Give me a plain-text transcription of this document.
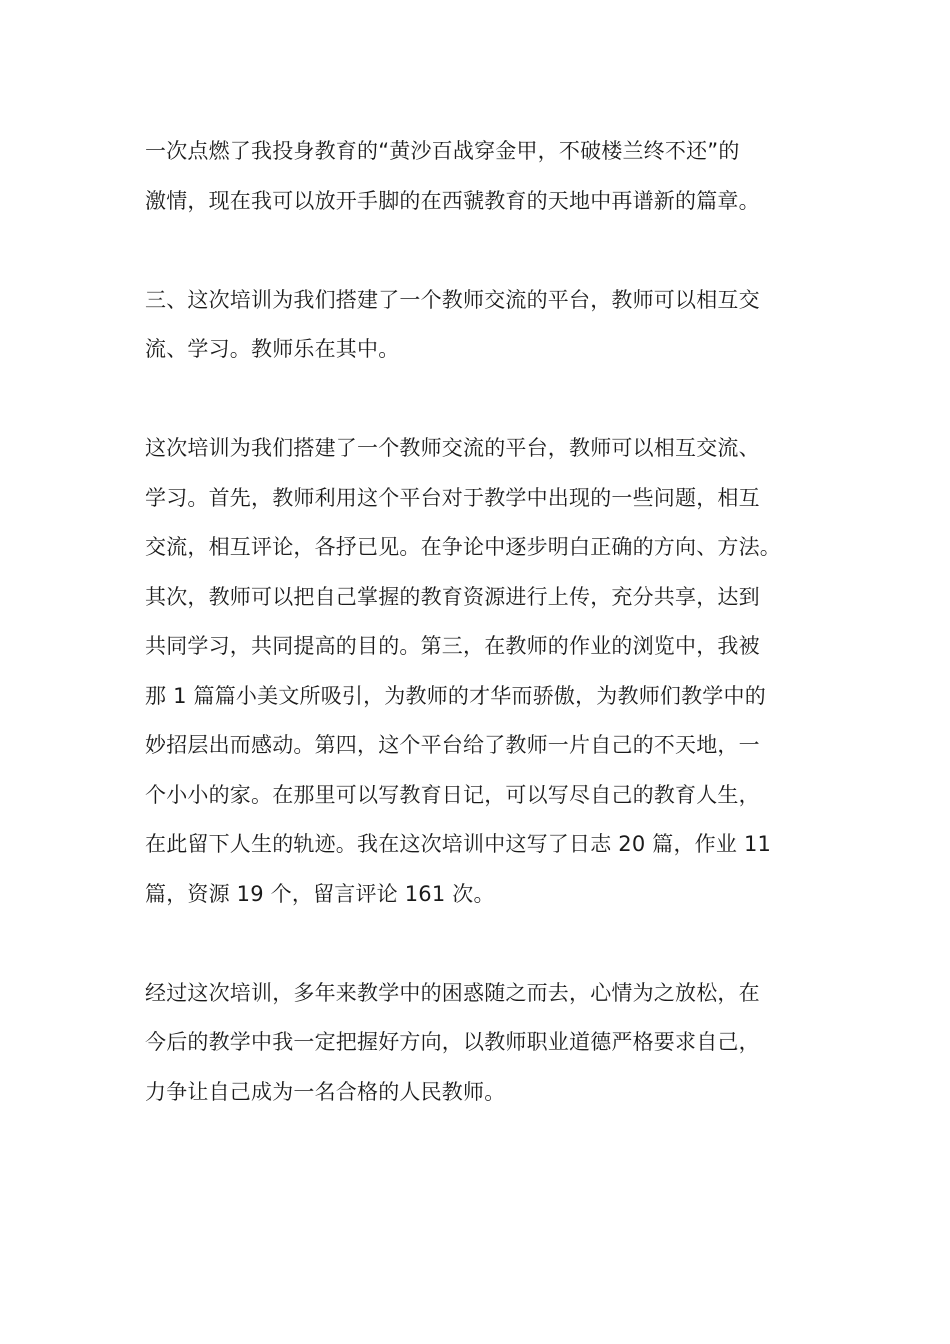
一次点燃了我投身教育的“黄沙百战穿金甲，不破楼兰终不还”的
激情，现在我可以放开手脚的在西虢教育的天地中再谱新的篇章。

三、这次培训为我们搭建了一个教师交流的平台，教师可以相互交
流、学习。教师乐在其中。

这次培训为我们搭建了一个教师交流的平台，教师可以相互交流、
学习。首先，教师利用这个平台对于教学中出现的一些问题，相互
交流，相互评论，各抒已见。在争论中逐步明白正确的方向、方法。
其次，教师可以把自己掌握的教育资源进行上传，充分共享，达到
共同学习，共同提高的目的。第三，在教师的作业的浏览中，我被
那 1 篇篇小美文所吸引，为教师的才华而骄傲，为教师们教学中的
妙招层出而感动。第四，这个平台给了教师一片自己的不天地，一
个小小的家。在那里可以写教育日记，可以写尽自己的教育人生，
在此留下人生的轨迹。我在这次培训中这写了日志 20 篇，作业 11
篇，资源 19 个，留言评论 161 次。

经过这次培训，多年来教学中的困惑随之而去，心情为之放松，在
今后的教学中我一定把握好方向，以教师职业道德严格要求自己，
力争让自己成为一名合格的人民教师。
